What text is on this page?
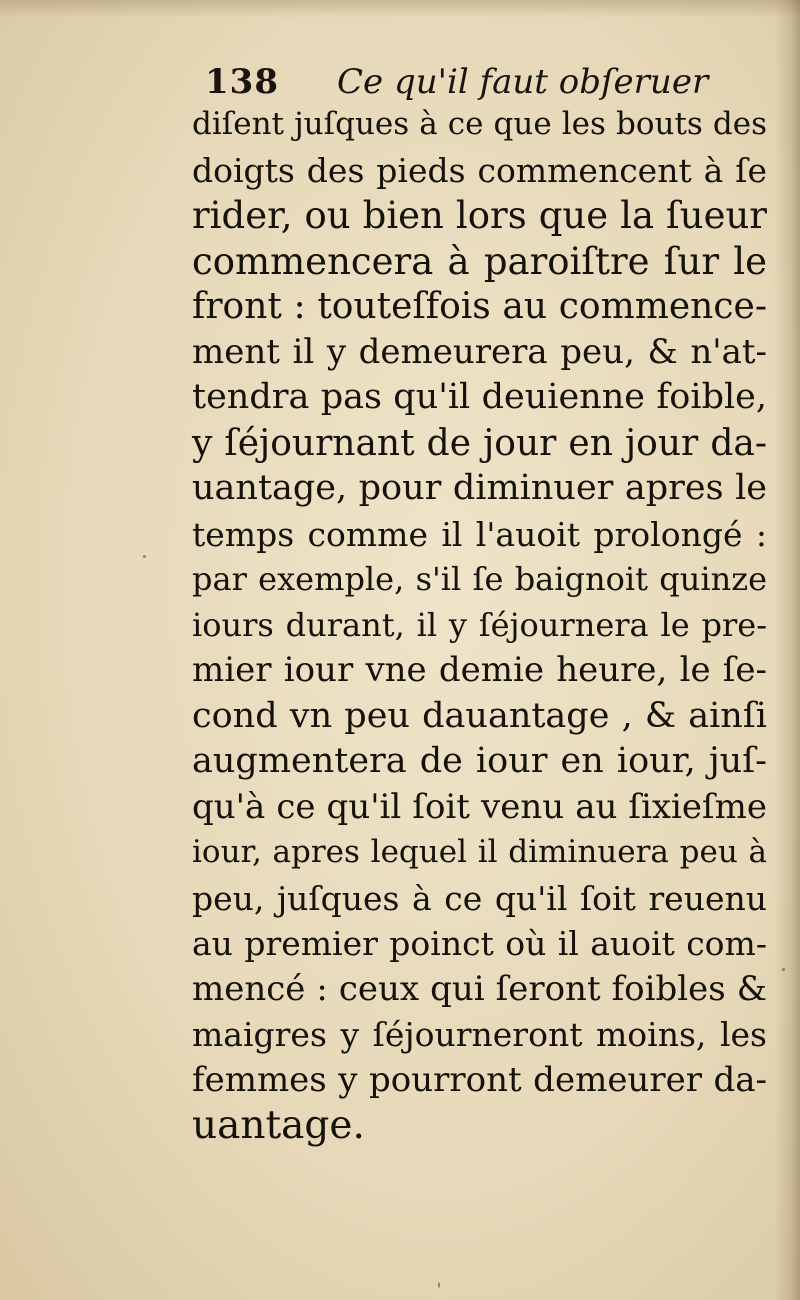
138 Ce qu'il faut obſeruer
diſent juſques à ce que les bouts des
doigts des pieds commencent à ſe
rider, ou bien lors que la ſueur
commencera à paroiſtre ſur le
front : touteſfois au commence-
ment il y demeurera peu, & n'at-
tendra pas qu'il deuienne foible,
y ſéjournant de jour en jour da-
uantage, pour diminuer apres le
temps comme il l'auoit prolongé :
par exemple, s'il ſe baignoit quinze
iours durant, il y ſéjournera le pre-
mier iour vne demie heure, le ſe-
cond vn peu dauantage , & ainſi
augmentera de iour en iour, juſ-
qu'à ce qu'il ſoit venu au ſixieſme
iour, apres lequel il diminuera peu à
peu, juſques à ce qu'il ſoit reuenu
au premier poinct où il auoit com-
mencé : ceux qui ſeront foibles &
maigres y ſéjourneront moins, les
femmes y pourront demeurer da-
uantage.
